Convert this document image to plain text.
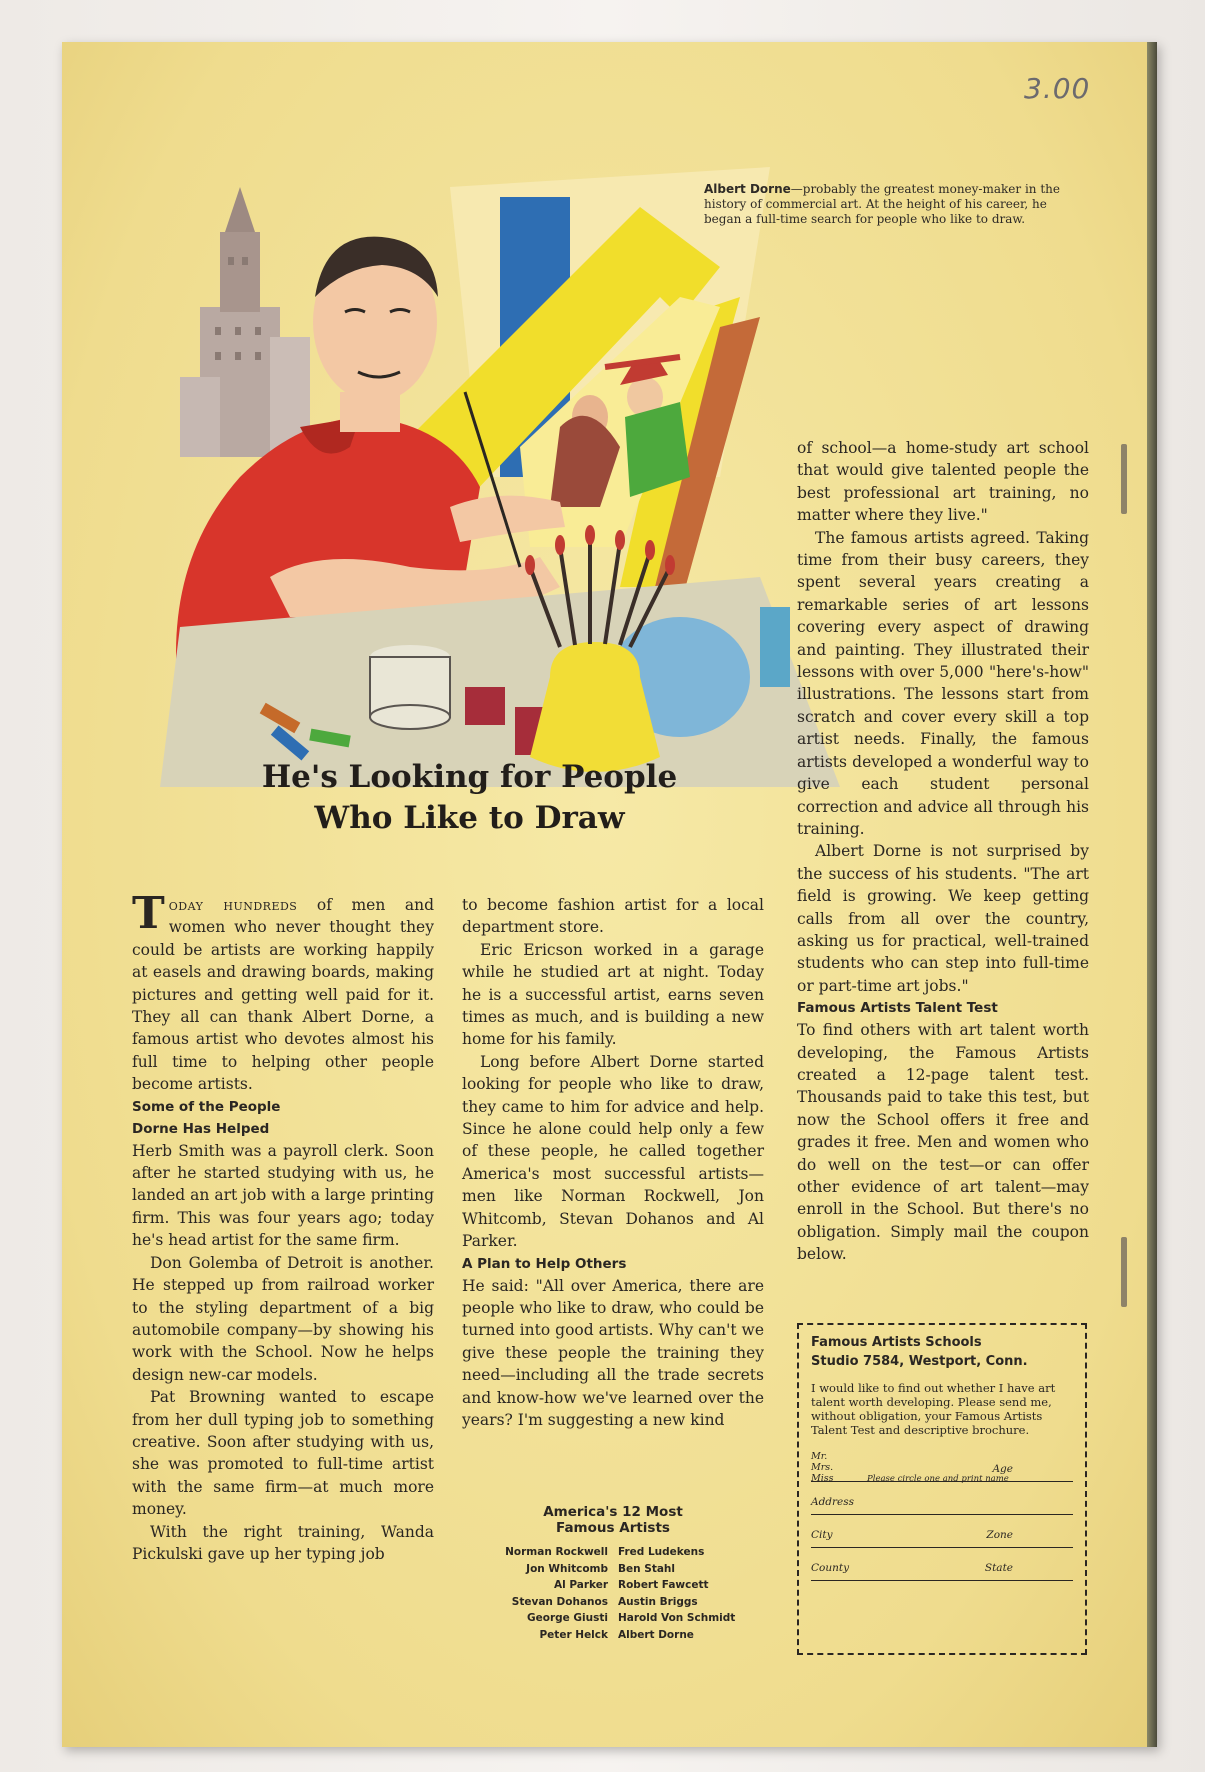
3.00
Albert Dorne—probably the greatest money-maker in the history of commercial art. At the height of his career, he began a full-time search for people who like to draw.
He's Looking for People
Who Like to Draw

Today hundreds of men and women who never thought they could be artists are working happily at easels and drawing boards, making pictures and getting well paid for it. They all can thank Albert Dorne, a famous artist who devotes almost his full time to helping other people become artists.

Some of the People
Dorne Has Helped

Herb Smith was a payroll clerk. Soon after he started studying with us, he landed an art job with a large printing firm. This was four years ago; today he's head artist for the same firm.

Don Golemba of Detroit is another. He stepped up from railroad worker to the styling department of a big automobile company—by showing his work with the School. Now he helps design new-car models.

Pat Browning wanted to escape from her dull typing job to something creative. Soon after studying with us, she was promoted to full-time artist with the same firm—at much more money.

With the right training, Wanda Pickulski gave up her typing job

to become fashion artist for a local department store.

Eric Ericson worked in a garage while he studied art at night. Today he is a successful artist, earns seven times as much, and is building a new home for his family.

Long before Albert Dorne started looking for people who like to draw, they came to him for advice and help. Since he alone could help only a few of these people, he called together America's most successful artists—men like Norman Rockwell, Jon Whitcomb, Stevan Dohanos and Al Parker.

A Plan to Help Others

He said: "All over America, there are people who like to draw, who could be turned into good artists. Why can't we give these people the training they need—including all the trade secrets and know-how we've learned over the years? I'm suggesting a new kind

America's 12 Most
Famous Artists
Norman Rockwell Fred Ludekens
Jon Whitcomb Ben Stahl
Al Parker Robert Fawcett
Stevan Dohanos Austin Briggs
George Giusti Harold Von Schmidt
Peter Helck Albert Dorne

of school—a home-study art school that would give talented people the best professional art training, no matter where they live."

The famous artists agreed. Taking time from their busy careers, they spent several years creating a remarkable series of art lessons covering every aspect of drawing and painting. They illustrated their lessons with over 5,000 "here's-how" illustrations. The lessons start from scratch and cover every skill a top artist needs. Finally, the famous artists developed a wonderful way to give each student personal correction and advice all through his training.

Albert Dorne is not surprised by the success of his students. "The art field is growing. We keep getting calls from all over the country, asking us for practical, well-trained students who can step into full-time or part-time art jobs."

Famous Artists Talent Test

To find others with art talent worth developing, the Famous Artists created a 12-page talent test. Thousands paid to take this test, but now the School offers it free and grades it free. Men and women who do well on the test—or can offer other evidence of art talent—may enroll in the School. But there's no obligation. Simply mail the coupon below.

Famous Artists Schools
Studio 7584, Westport, Conn.
I would like to find out whether I have art talent worth developing. Please send me, without obligation, your Famous Artists Talent Test and descriptive brochure.
Mr. Mrs. Miss
Age
Please circle one and print name
Address
City	Zone
County	State
